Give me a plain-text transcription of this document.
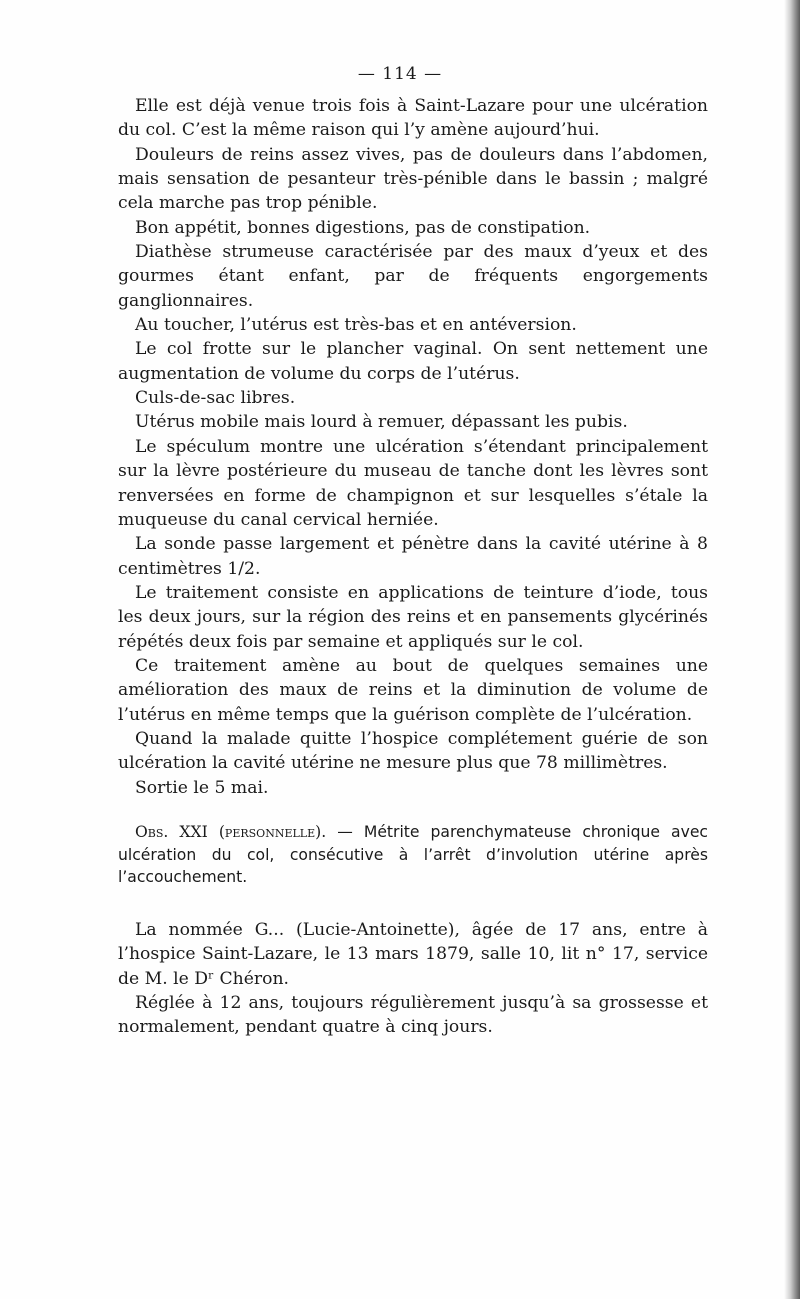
— 114 —

Elle est déjà venue trois fois à Saint-Lazare pour une ulcération du col. C’est la même raison qui l’y amène aujourd’hui.

Douleurs de reins assez vives, pas de douleurs dans l’abdomen, mais sensation de pesanteur très-pénible dans le bassin ; malgré cela marche pas trop pénible.

Bon appétit, bonnes digestions, pas de constipation.

Diathèse strumeuse caractérisée par des maux d’yeux et des gourmes étant enfant, par de fréquents engorgements ganglionnaires.

Au toucher, l’utérus est très-bas et en antéversion.

Le col frotte sur le plancher vaginal. On sent nettement une augmentation de volume du corps de l’utérus.

Culs-de-sac libres.

Utérus mobile mais lourd à remuer, dépassant les pubis.

Le spéculum montre une ulcération s’étendant principalement sur la lèvre postérieure du museau de tanche dont les lèvres sont renversées en forme de champignon et sur lesquelles s’étale la muqueuse du canal cervical herniée.

La sonde passe largement et pénètre dans la cavité utérine à 8 centimètres 1/2.

Le traitement consiste en applications de teinture d’iode, tous les deux jours, sur la région des reins et en pansements glycérinés répétés deux fois par semaine et appliqués sur le col.

Ce traitement amène au bout de quelques semaines une amélioration des maux de reins et la diminution de volume de l’utérus en même temps que la guérison complète de l’ulcération.

Quand la malade quitte l’hospice complétement guérie de son ulcération la cavité utérine ne mesure plus que 78 millimètres.

Sortie le 5 mai.

Obs. XXI (personnelle). — Métrite parenchymateuse chronique avec ulcération du col, consécutive à l’arrêt d’involution utérine après l’accouchement.

La nommée G... (Lucie-Antoinette), âgée de 17 ans, entre à l’hospice Saint-Lazare, le 13 mars 1879, salle 10, lit n° 17, service de M. le Dʳ Chéron.

Réglée à 12 ans, toujours régulièrement jusqu’à sa grossesse et normalement, pendant quatre à cinq jours.
